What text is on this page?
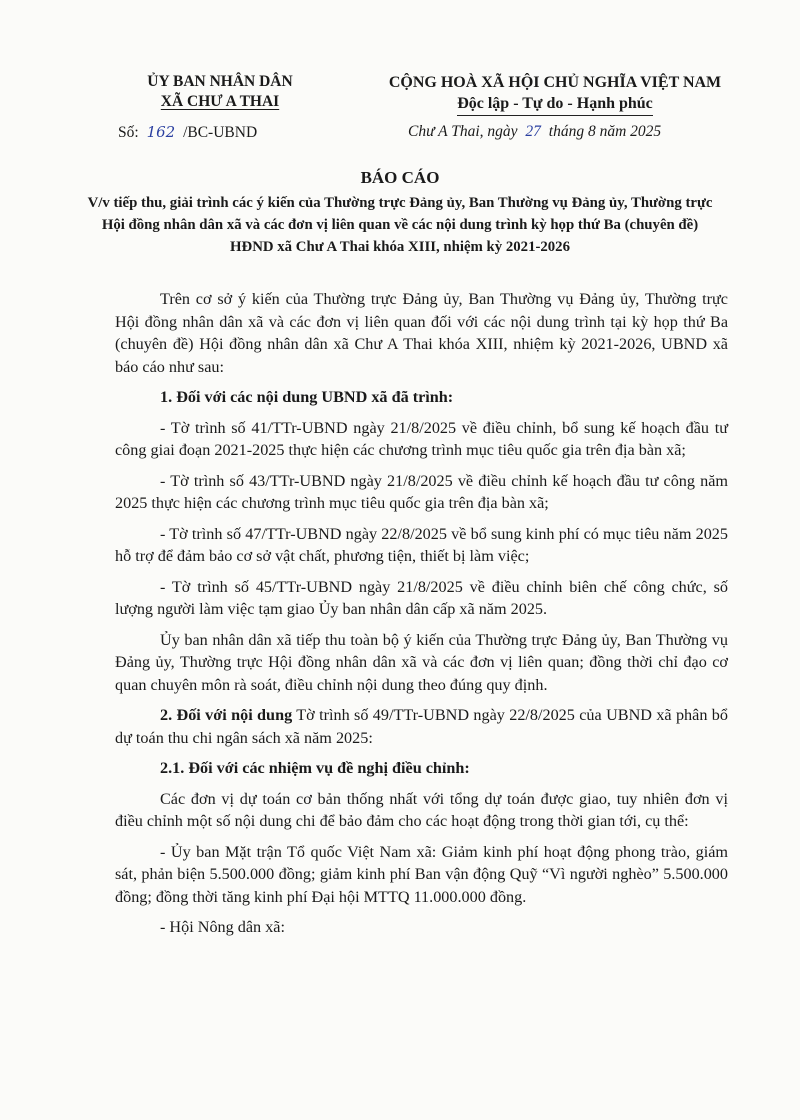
ỦY BAN NHÂN DÂN
XÃ CHƯ A THAI
Số: 162 /BC-UBND
CỘNG HOÀ XÃ HỘI CHỦ NGHĨA VIỆT NAM
Độc lập - Tự do - Hạnh phúc
Chư A Thai, ngày 27 tháng 8 năm 2025
BÁO CÁO
V/v tiếp thu, giải trình các ý kiến của Thường trực Đảng ủy, Ban Thường vụ Đảng ủy, Thường trực Hội đồng nhân dân xã và các đơn vị liên quan về các nội dung trình kỳ họp thứ Ba (chuyên đề) HĐND xã Chư A Thai khóa XIII, nhiệm kỳ 2021-2026

Trên cơ sở ý kiến của Thường trực Đảng ủy, Ban Thường vụ Đảng ủy, Thường trực Hội đồng nhân dân xã và các đơn vị liên quan đối với các nội dung trình tại kỳ họp thứ Ba (chuyên đề) Hội đồng nhân dân xã Chư A Thai khóa XIII, nhiệm kỳ 2021-2026, UBND xã báo cáo như sau:

1. Đối với các nội dung UBND xã đã trình:

- Tờ trình số 41/TTr-UBND ngày 21/8/2025 về điều chỉnh, bổ sung kế hoạch đầu tư công giai đoạn 2021-2025 thực hiện các chương trình mục tiêu quốc gia trên địa bàn xã;

- Tờ trình số 43/TTr-UBND ngày 21/8/2025 về điều chỉnh kế hoạch đầu tư công năm 2025 thực hiện các chương trình mục tiêu quốc gia trên địa bàn xã;

- Tờ trình số 47/TTr-UBND ngày 22/8/2025 về bổ sung kinh phí có mục tiêu năm 2025 hỗ trợ để đảm bảo cơ sở vật chất, phương tiện, thiết bị làm việc;

- Tờ trình số 45/TTr-UBND ngày 21/8/2025 về điều chỉnh biên chế công chức, số lượng người làm việc tạm giao Ủy ban nhân dân cấp xã năm 2025.

Ủy ban nhân dân xã tiếp thu toàn bộ ý kiến của Thường trực Đảng ủy, Ban Thường vụ Đảng ủy, Thường trực Hội đồng nhân dân xã và các đơn vị liên quan; đồng thời chỉ đạo cơ quan chuyên môn rà soát, điều chỉnh nội dung theo đúng quy định.

2. Đối với nội dung Tờ trình số 49/TTr-UBND ngày 22/8/2025 của UBND xã phân bổ dự toán thu chi ngân sách xã năm 2025:

2.1. Đối với các nhiệm vụ đề nghị điều chỉnh:

Các đơn vị dự toán cơ bản thống nhất với tổng dự toán được giao, tuy nhiên đơn vị điều chỉnh một số nội dung chi để bảo đảm cho các hoạt động trong thời gian tới, cụ thể:

- Ủy ban Mặt trận Tổ quốc Việt Nam xã: Giảm kinh phí hoạt động phong trào, giám sát, phản biện 5.500.000 đồng; giảm kinh phí Ban vận động Quỹ “Vì người nghèo” 5.500.000 đồng; đồng thời tăng kinh phí Đại hội MTTQ 11.000.000 đồng.

- Hội Nông dân xã:
